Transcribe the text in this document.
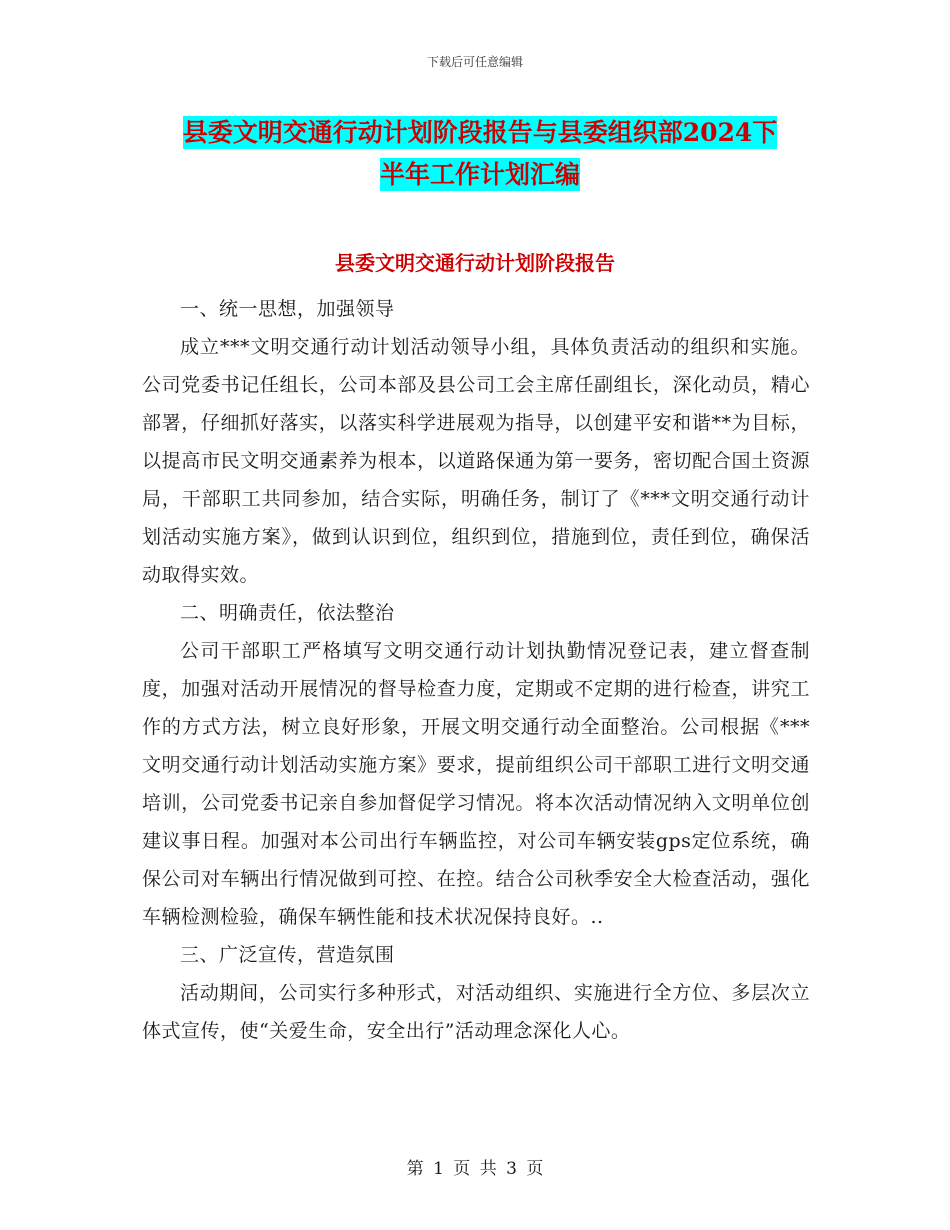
下载后可任意编辑
县委文明交通行动计划阶段报告与县委组织部2024下
半年工作计划汇编
县委文明交通行动计划阶段报告

一、统一思想，加强领导

成立***文明交通行动计划活动领导小组，具体负责活动的组织和实施。公司党委书记任组长，公司本部及县公司工会主席任副组长，深化动员，精心部署，仔细抓好落实，以落实科学进展观为指导，以创建平安和谐**为目标，以提高市民文明交通素养为根本，以道路保通为第一要务，密切配合国土资源局，干部职工共同参加，结合实际，明确任务，制订了《***文明交通行动计划活动实施方案》，做到认识到位，组织到位，措施到位，责任到位，确保活动取得实效。

二、明确责任，依法整治

公司干部职工严格填写文明交通行动计划执勤情况登记表，建立督查制度，加强对活动开展情况的督导检查力度，定期或不定期的进行检查，讲究工作的方式方法，树立良好形象，开展文明交通行动全面整治。公司根据《***文明交通行动计划活动实施方案》要求，提前组织公司干部职工进行文明交通培训，公司党委书记亲自参加督促学习情况。将本次活动情况纳入文明单位创建议事日程。加强对本公司出行车辆监控，对公司车辆安装gps定位系统，确保公司对车辆出行情况做到可控、在控。结合公司秋季安全大检查活动，强化车辆检测检验，确保车辆性能和技术状况保持良好。..

三、广泛宣传，营造氛围

活动期间，公司实行多种形式，对活动组织、实施进行全方位、多层次立体式宣传，使“关爱生命，安全出行”活动理念深化人心。

第 1 页 共 3 页
